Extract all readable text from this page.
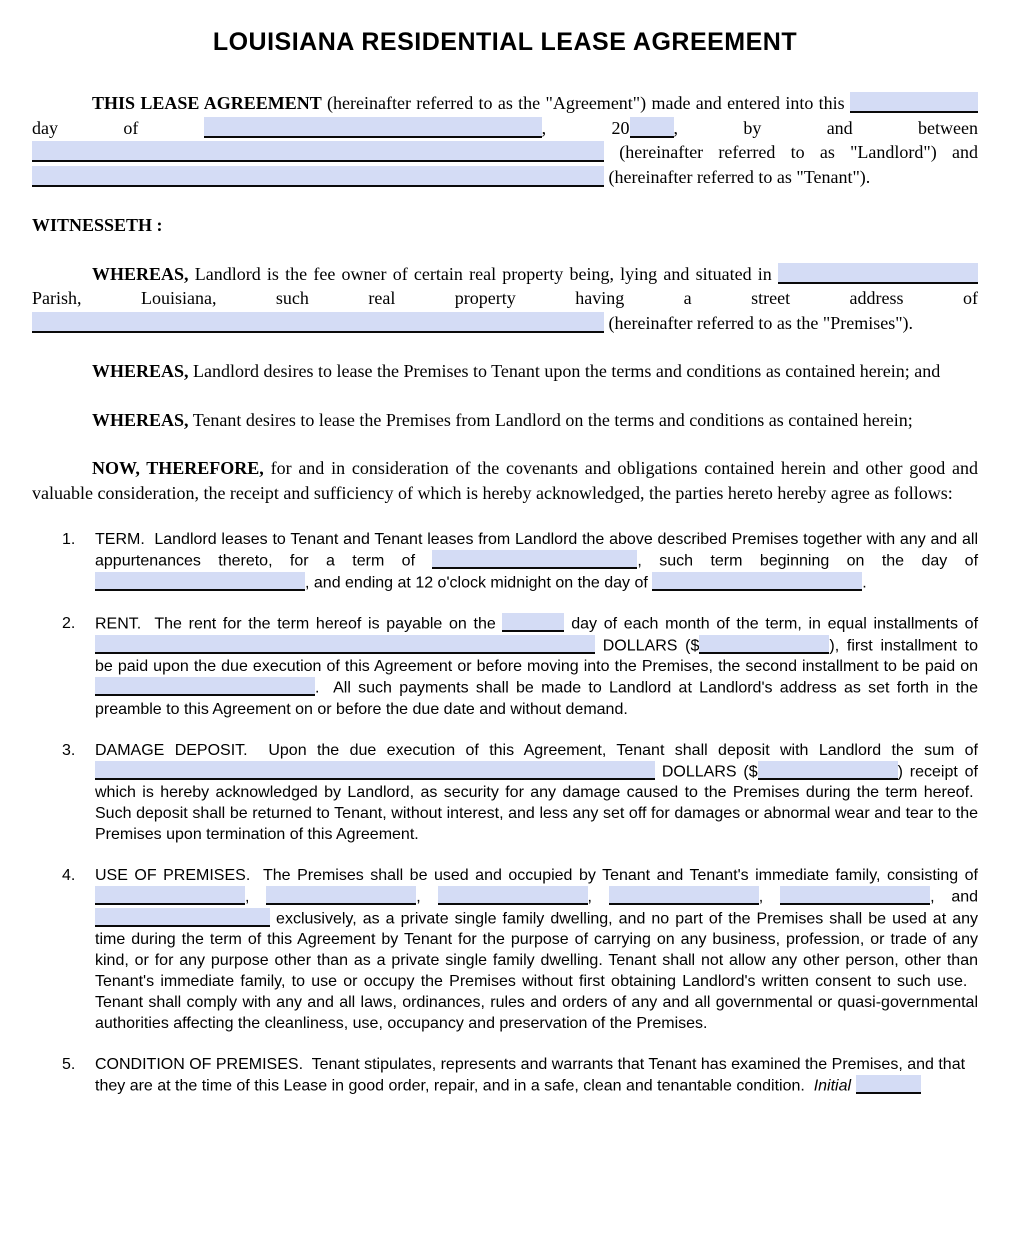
LOUISIANA RESIDENTIAL LEASE AGREEMENT

THIS LEASE AGREEMENT (hereinafter referred to as the "Agreement") made and entered into this  day of	, 20 , by and between  (hereinafter referred to as "Landlord") and  (hereinafter referred to as "Tenant").

WITNESSETH :

WHEREAS, Landlord is the fee owner of certain real property being, lying and situated in  Parish, Louisiana, such real property having a street address of  (hereinafter referred to as the "Premises").

WHEREAS, Landlord desires to lease the Premises to Tenant upon the terms and conditions as contained herein; and

WHEREAS, Tenant desires to lease the Premises from Landlord on the terms and conditions as contained herein;

NOW, THEREFORE, for and in consideration of the covenants and obligations contained herein and other good and valuable consideration, the receipt and sufficiency of which is hereby acknowledged, the parties hereto hereby agree as follows:

1.	TERM.  Landlord leases to Tenant and Tenant leases from Landlord the above described Premises together with any and all appurtenances thereto, for a term of	, such term beginning on the day of , and ending at 12 o'clock midnight on the day of	.
2.	RENT.  The rent for the term hereof is payable on the	day of each month of the term, in equal installments of  DOLLARS ($	), first installment to be paid upon the due execution of this Agreement or before moving into the Premises, the second installment to be paid on .  All such payments shall be made to Landlord at Landlord's address as set forth in the preamble to this Agreement on or before the due date and without demand.
3.	DAMAGE DEPOSIT.  Upon the due execution of this Agreement, Tenant shall deposit with Landlord the sum of  DOLLARS ($	) receipt of which is hereby acknowledged by Landlord, as security for any damage caused to the Premises during the term hereof.  Such deposit shall be returned to Tenant, without interest, and less any set off for damages or abnormal wear and tear to the Premises upon termination of this Agreement.
4.	USE OF PREMISES.  The Premises shall be used and occupied by Tenant and Tenant's immediate family, consisting of ,	,	,	,	, and  exclusively, as a private single family dwelling, and no part of the Premises shall be used at any time during the term of this Agreement by Tenant for the purpose of carrying on any business, profession, or trade of any kind, or for any purpose other than as a private single family dwelling. Tenant shall not allow any other person, other than Tenant's immediate family, to use or occupy the Premises without first obtaining Landlord's written consent to such use.   Tenant shall comply with any and all laws, ordinances, rules and orders of any and all governmental or quasi-governmental authorities affecting the cleanliness, use, occupancy and preservation of the Premises.
5.	CONDITION OF PREMISES.  Tenant stipulates, represents and warrants that Tenant has examined the Premises, and that they are at the time of this Lease in good order, repair, and in a safe, clean and tenantable condition.  Initial
